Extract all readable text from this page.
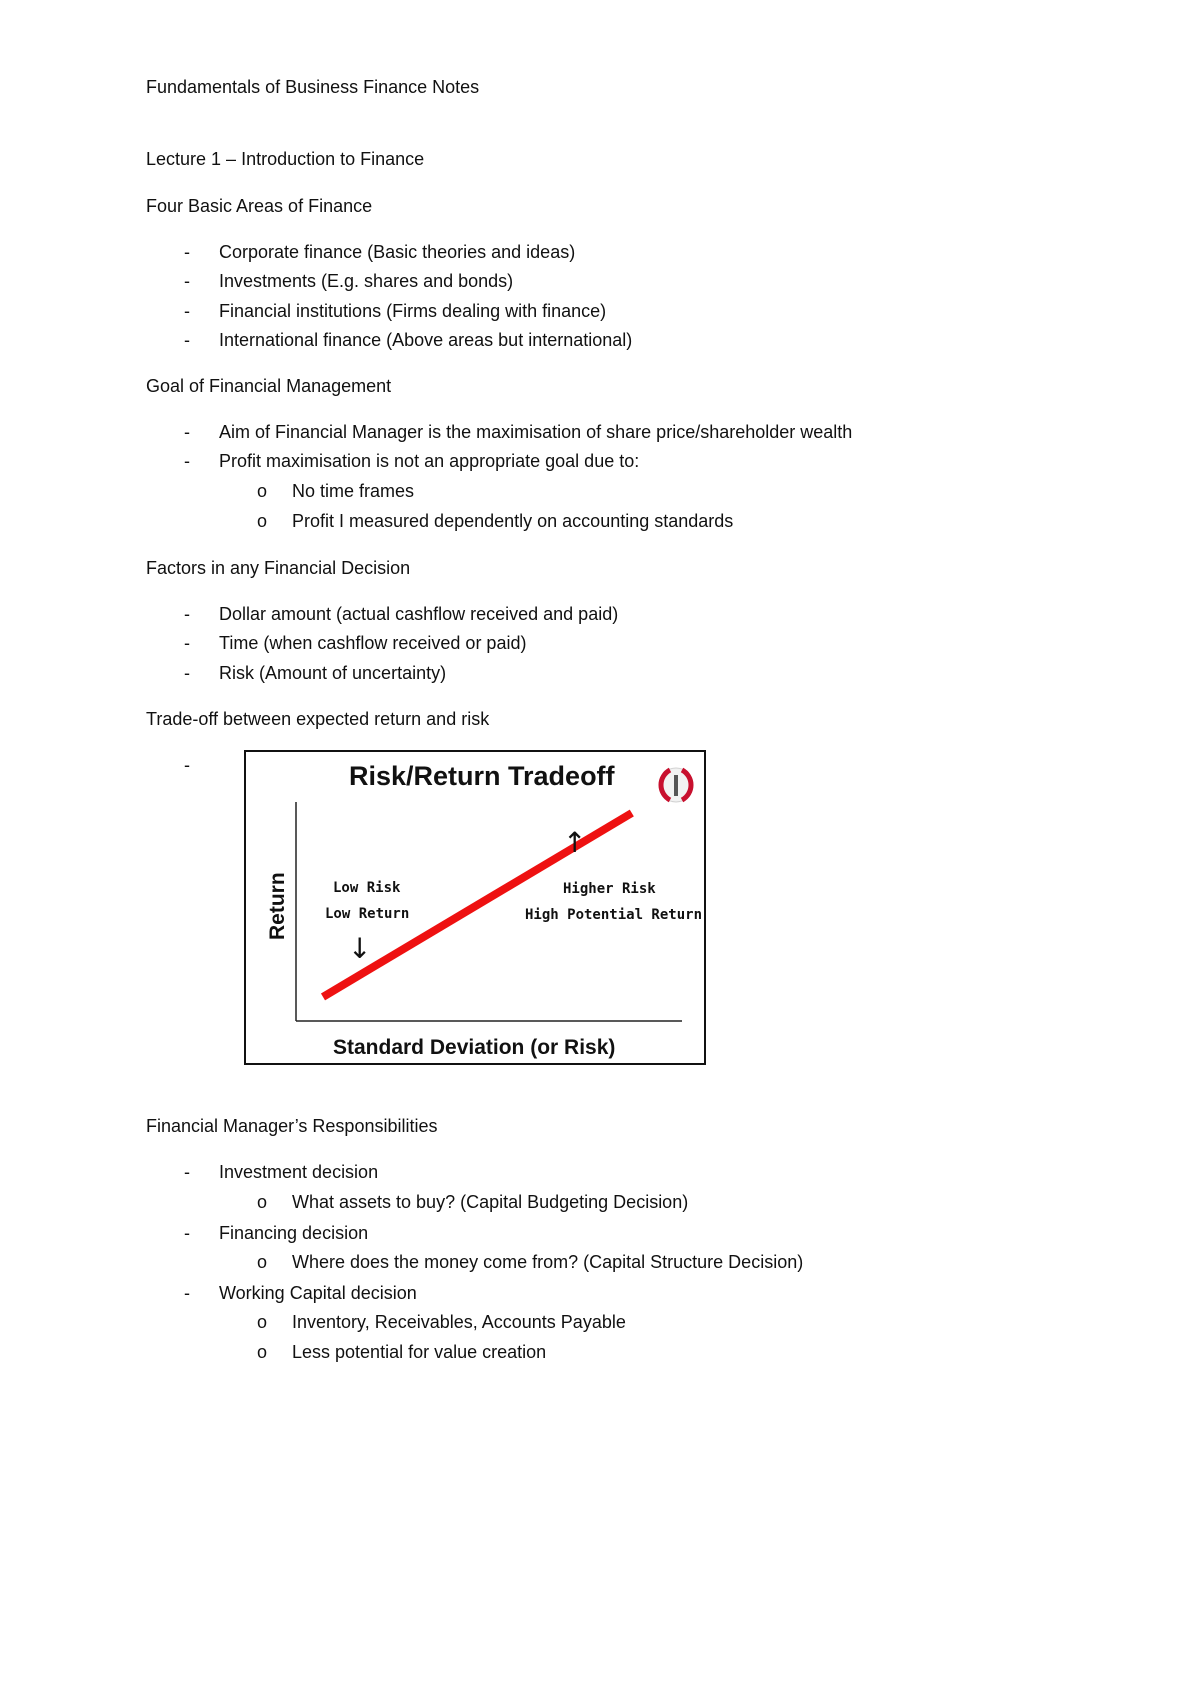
Fundamentals of Business Finance Notes
Lecture 1 – Introduction to Finance
Four Basic Areas of Finance
- Corporate finance (Basic theories and ideas)
- Investments (E.g. shares and bonds)
- Financial institutions (Firms dealing with finance)
- International finance (Above areas but international)
Goal of Financial Management
- Aim of Financial Manager is the maximisation of share price/shareholder wealth
- Profit maximisation is not an appropriate goal due to:
o No time frames
o Profit I measured dependently on accounting standards
Factors in any Financial Decision
- Dollar amount (actual cashflow received and paid)
- Time (when cashflow received or paid)
- Risk (Amount of uncertainty)
Trade-off between expected return and risk
-	Risk/Return Tradeoff
Low Risk
Low Return
↓
↑
Higher Risk
High Potential Return
Standard Deviation (or Risk)
Return
Financial Manager’s Responsibilities
- Investment decision
o What assets to buy? (Capital Budgeting Decision)
- Financing decision
o Where does the money come from? (Capital Structure Decision)
- Working Capital decision
o Inventory, Receivables, Accounts Payable
o Less potential for value creation
